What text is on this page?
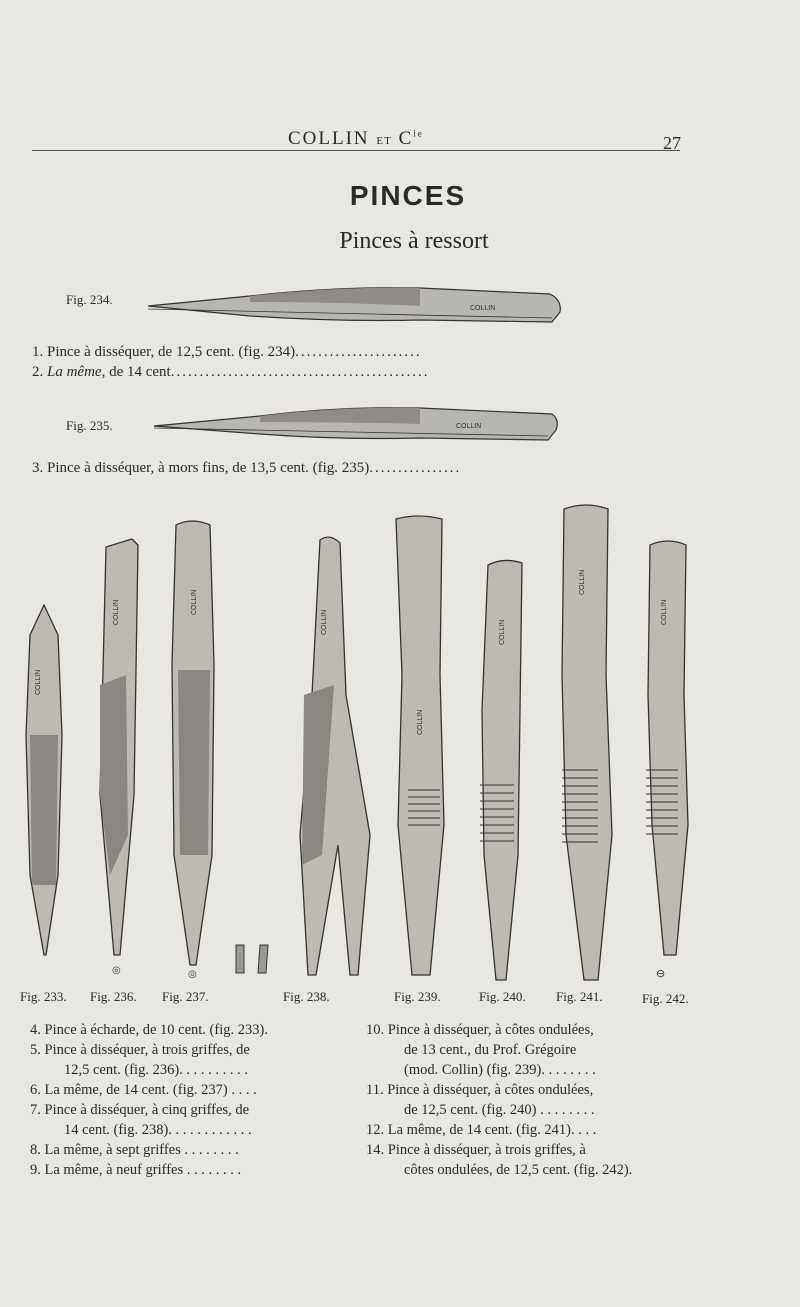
COLLIN ET $C^{ie}$	27
PINCES
Pinces à ressort
Fig. 234.
COLLIN
1. Pince à disséquer, de 12,5 cent. (fig. 234)......................
2. La même, de 14 cent.............................................
Fig. 235.	COLLIN
3. Pince à disséquer, à mors fins, de 13,5 cent. (fig. 235)................
COLLIN
COLLIN
◎
COLLIN
◎
COLLIN
COLLIN
COLLIN
COLLIN
COLLIN
⊖
Fig. 233. Fig. 236. Fig. 237.	Fig. 238.	Fig. 239.	Fig. 240. Fig. 241.	Fig. 242.
4. Pince à écharde, de 10 cent. (fig. 233).
5. Pince à disséquer, à trois griffes, de
12,5 cent. (fig. 236). . . . . . . . . .
6. La même, de 14 cent. (fig. 237) . . . .
7. Pince à disséquer, à cinq griffes, de
14 cent. (fig. 238). . . . . . . . . . . .
8. La même, à sept griffes . . . . . . . .
9. La même, à neuf griffes . . . . . . . .
10. Pince à disséquer, à côtes ondulées,
de 13 cent., du Prof. Grégoire
(mod. Collin) (fig. 239). . . . . . . .
11. Pince à disséquer, à côtes ondulées,
de 12,5 cent. (fig. 240) . . . . . . . .
12. La même, de 14 cent. (fig. 241). . . .
14. Pince à disséquer, à trois griffes, à
côtes ondulées, de 12,5 cent. (fig. 242).
